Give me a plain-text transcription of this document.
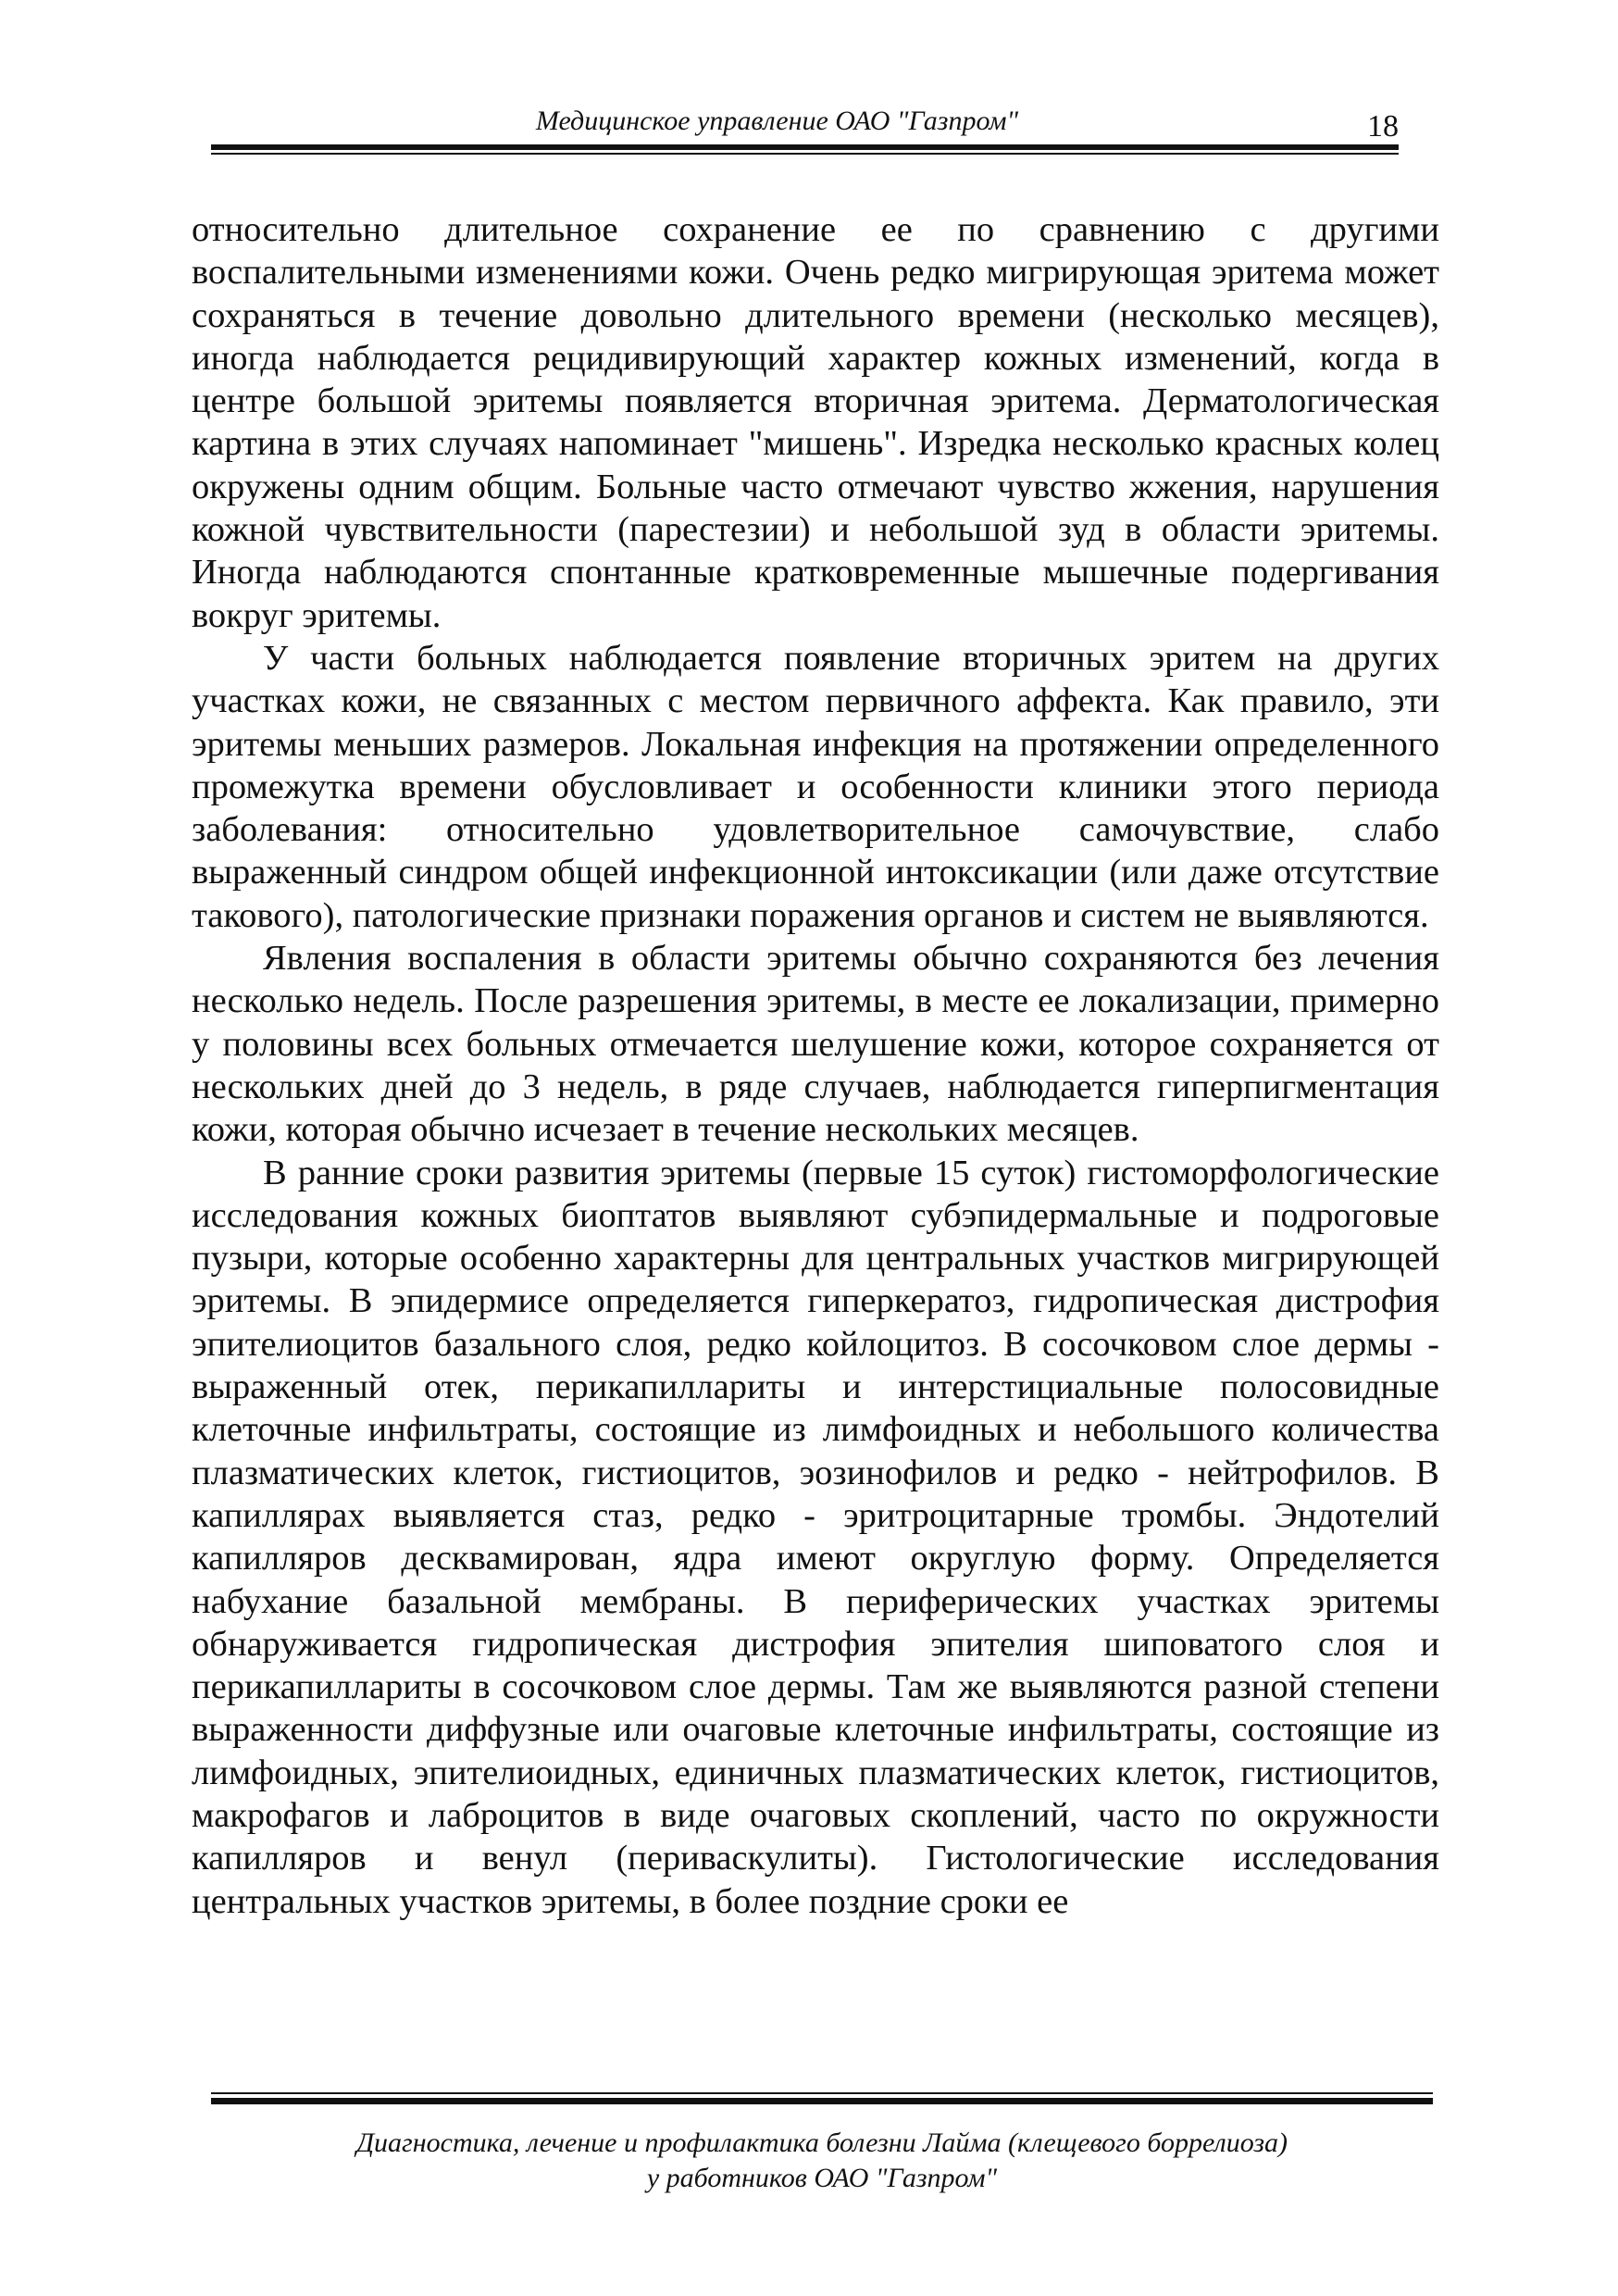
Медицинское управление ОАО "Газпром"	18

относительно длительное сохранение ее по сравнению с другими воспалительными изменениями кожи. Очень редко мигрирующая эритема может сохраняться в течение довольно длительного времени (несколько месяцев), иногда наблюдается рецидивирующий характер кожных изменений, когда в центре большой эритемы появляется вторичная эритема. Дерматологическая картина в этих случаях напоминает "мишень". Изредка несколько красных колец окружены одним общим. Больные часто отмечают чувство жжения, нарушения кожной чувствительности (парестезии) и небольшой зуд в области эритемы. Иногда наблюдаются спонтанные кратковременные мышечные подергивания вокруг эритемы.

У части больных наблюдается появление вторичных эритем на других участках кожи, не связанных с местом первичного аффекта. Как правило, эти эритемы меньших размеров. Локальная инфекция на протяжении определенного промежутка времени обусловливает и особенности клиники этого периода заболевания: относительно удовлетворительное самочувствие, слабо выраженный синдром общей инфекционной интоксикации (или даже отсутствие такового), патологические признаки поражения органов и систем не выявляются.

Явления воспаления в области эритемы обычно сохраняются без лечения несколько недель. После разрешения эритемы, в месте ее локализации, примерно у половины всех больных отмечается шелушение кожи, которое сохраняется от нескольких дней до 3 недель, в ряде случаев, наблюдается гиперпигментация кожи, которая обычно исчезает в течение нескольких месяцев.

В ранние сроки развития эритемы (первые 15 суток) гистоморфологические исследования кожных биоптатов выявляют субэпидермальные и подроговые пузыри, которые особенно характерны для центральных участков мигрирующей эритемы. В эпидермисе определяется гиперкератоз, гидропическая дистрофия эпителиоцитов базального слоя, редко койлоцитоз. В сосочковом слое дермы - выраженный отек, перикапиллариты и интерстициальные полосовидные клеточные инфильтраты, состоящие из лимфоидных и небольшого количества плазматических клеток, гистиоцитов, эозинофилов и редко - нейтрофилов. В капиллярах выявляется стаз, редко - эритроцитарные тромбы. Эндотелий капилляров десквамирован, ядра имеют округлую форму. Определяется набухание базальной мембраны. В периферических участках эритемы обнаруживается гидропическая дистрофия эпителия шиповатого слоя и перикапиллариты в сосочковом слое дермы. Там же выявляются разной степени выраженности диффузные или очаговые клеточные инфильтраты, состоящие из лимфоидных, эпителиоидных, единичных плазматических клеток, гистиоцитов, макрофагов и лаброцитов в виде очаговых скоплений, часто по окружности капилляров и венул (периваскулиты). Гистологические исследования центральных участков эритемы, в более поздние сроки ее

Диагностика, лечение и профилактика болезни Лайма (клещевого боррелиоза)
у работников ОАО "Газпром"
